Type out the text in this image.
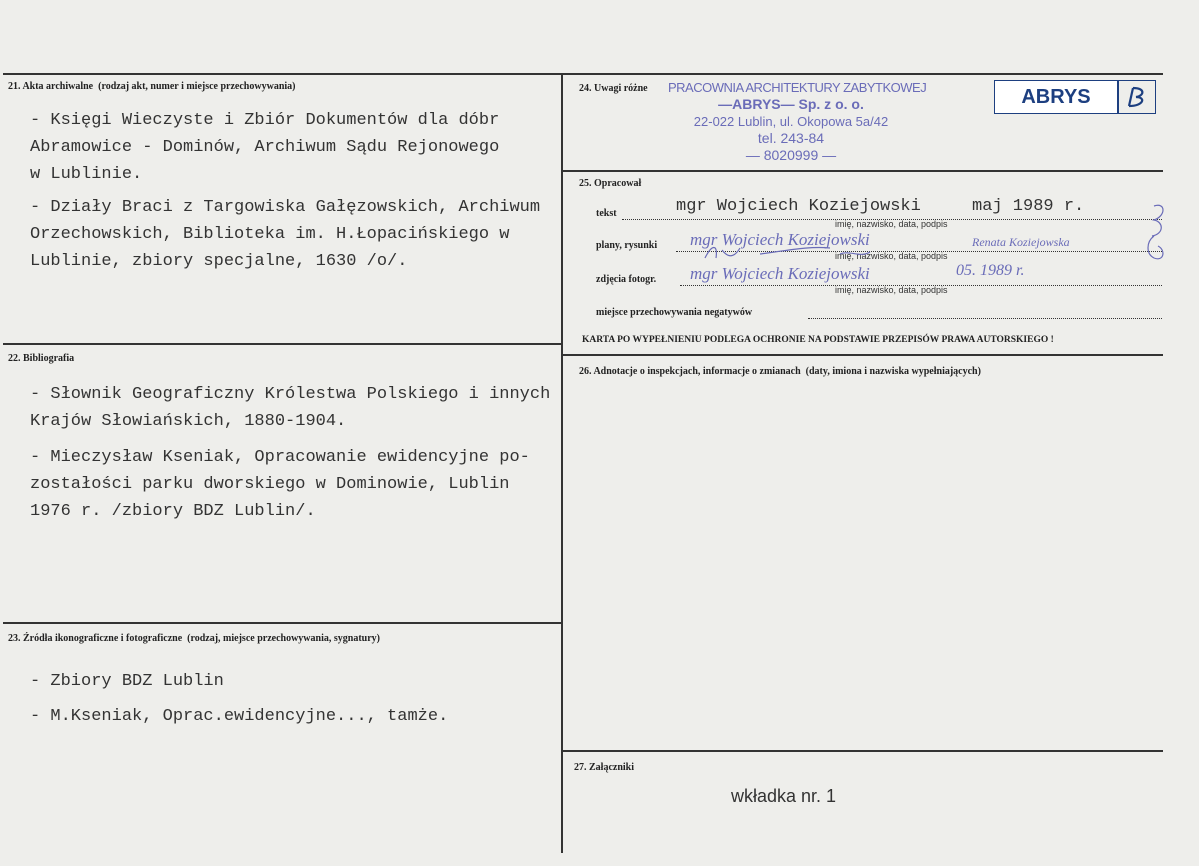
21. Akta archiwalne (rodzaj akt, numer i miejsce przechowywania)

- Księgi Wieczyste i Zbiór Dokumentów dla dóbr

Abramowice - Dominów, Archiwum Sądu Rejonowego

w Lublinie.

- Działy Braci z Targowiska Gałęzowskich, Archiwum

Orzechowskich, Biblioteka im. H.Łopacińskiego w

Lublinie, zbiory specjalne, 1630 /o/.

22. Bibliografia

- Słownik Geograficzny Królestwa Polskiego i innych

Krajów Słowiańskich, 1880-1904.

- Mieczysław Kseniak, Opracowanie ewidencyjne po-

zostałości parku dworskiego w Dominowie, Lublin

1976 r. /zbiory BDZ Lublin/.

23. Źródła ikonograficzne i fotograficzne (rodzaj, miejsce przechowywania, sygnatury)

- Zbiory BDZ Lublin

- M.Kseniak, Oprac.ewidencyjne..., tamże.

24. Uwagi różne PRACOWNIA ARCHITEKTURY ZABYTKOWEJ
—ABRYS— Sp. z o. o.
22-022 Lublin, ul. Okopowa 5a/42
tel. 243-84
— 8020999 —
ABRYS
25. Opracował
tekst	mgr Wojciech Koziejowski	maj 1989 r.
imię, nazwisko, data, podpis
plany, rysunki mgr Wojciech Koziejowski	Renata Koziejowska
imię, nazwisko, data, podpis
zdjęcia fotogr. mgr Wojciech Koziejowski	05. 1989 r.
imię, nazwisko, data, podpis
miejsce przechowywania negatywów
KARTA PO WYPEŁNIENIU PODLEGA OCHRONIE NA PODSTAWIE PRZEPISÓW PRAWA AUTORSKIEGO !
26. Adnotacje o inspekcjach, informacje o zmianach (daty, imiona i nazwiska wypełniających)
27. Załączniki
wkładka nr. 1
